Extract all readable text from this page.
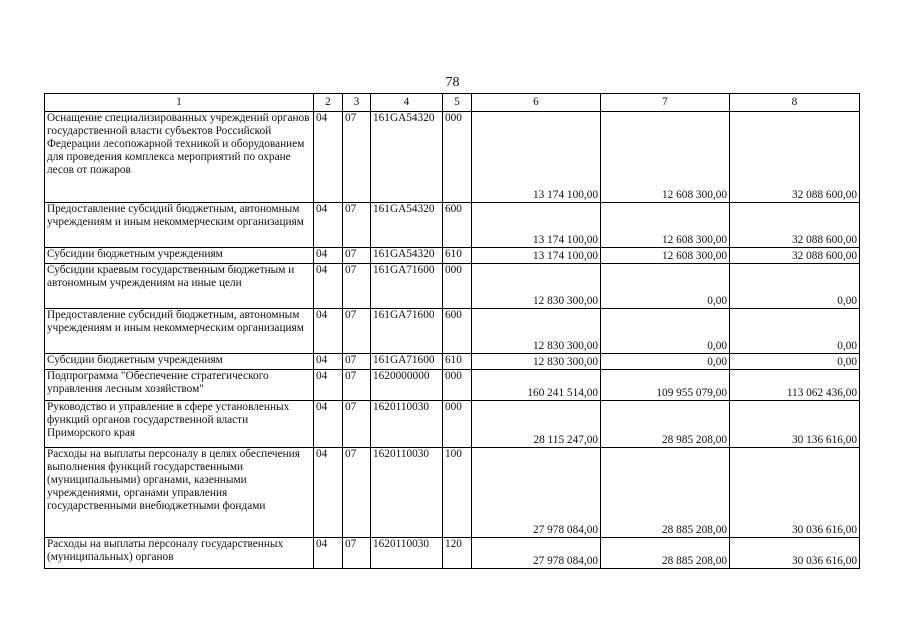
78
1	2	3	4	5	6	7	8
Оснащение специализированных учреждений органов государственной власти субъектов Российской Федерации лесопожарной техникой и оборудованием для проведения комплекса мероприятий по охране лесов от пожаров	04	07	161GA54320	000	13 174 100,00	12 608 300,00	32 088 600,00
Предоставление субсидий бюджетным, автономным учреждениям и иным некоммерческим организациям	04	07	161GA54320	600	13 174 100,00	12 608 300,00	32 088 600,00
Субсидии бюджетным учреждениям	04	07	161GA54320	610	13 174 100,00	12 608 300,00	32 088 600,00
Субсидии краевым государственным бюджетным и автономным учреждениям на иные цели	04	07	161GA71600	000	12 830 300,00	0,00	0,00
Предоставление субсидий бюджетным, автономным учреждениям и иным некоммерческим организациям	04	07	161GA71600	600	12 830 300,00	0,00	0,00
Субсидии бюджетным учреждениям	04	07	161GA71600	610	12 830 300,00	0,00	0,00
Подпрограмма "Обеспечение стратегического управления лесным хозяйством"	04	07	1620000000	000	160 241 514,00	109 955 079,00	113 062 436,00
Руководство и управление в сфере установленных функций органов государственной власти Приморского края	04	07	1620110030	000	28 115 247,00	28 985 208,00	30 136 616,00
Расходы на выплаты персоналу в целях обеспечения выполнения функций государственными (муниципальными) органами, казенными учреждениями, органами управления государственными внебюджетными фондами	04	07	1620110030	100	27 978 084,00	28 885 208,00	30 036 616,00
Расходы на выплаты персоналу государственных (муниципальных) органов	04	07	1620110030	120	27 978 084,00	28 885 208,00	30 036 616,00
